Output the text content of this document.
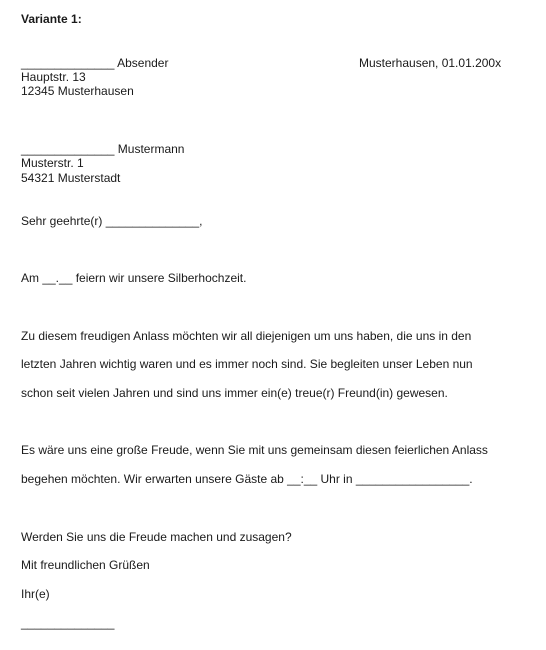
Variante 1:
______________ Absender
Hauptstr. 13
12345 Musterhausen
Musterhausen, 01.01.200x
______________ Mustermann
Musterstr. 1
54321 Musterstadt
Sehr geehrte(r) ______________,
Am __.__ feiern wir unsere Silberhochzeit.
Zu diesem freudigen Anlass möchten wir all diejenigen um uns haben, die uns in den
letzten Jahren wichtig waren und es immer noch sind. Sie begleiten unser Leben nun
schon seit vielen Jahren und sind uns immer ein(e) treue(r) Freund(in) gewesen.
Es wäre uns eine große Freude, wenn Sie mit uns gemeinsam diesen feierlichen Anlass
begehen möchten. Wir erwarten unsere Gäste ab __:__ Uhr in _________________.
Werden Sie uns die Freude machen und zusagen?
Mit freundlichen Grüßen
Ihr(e)
______________
